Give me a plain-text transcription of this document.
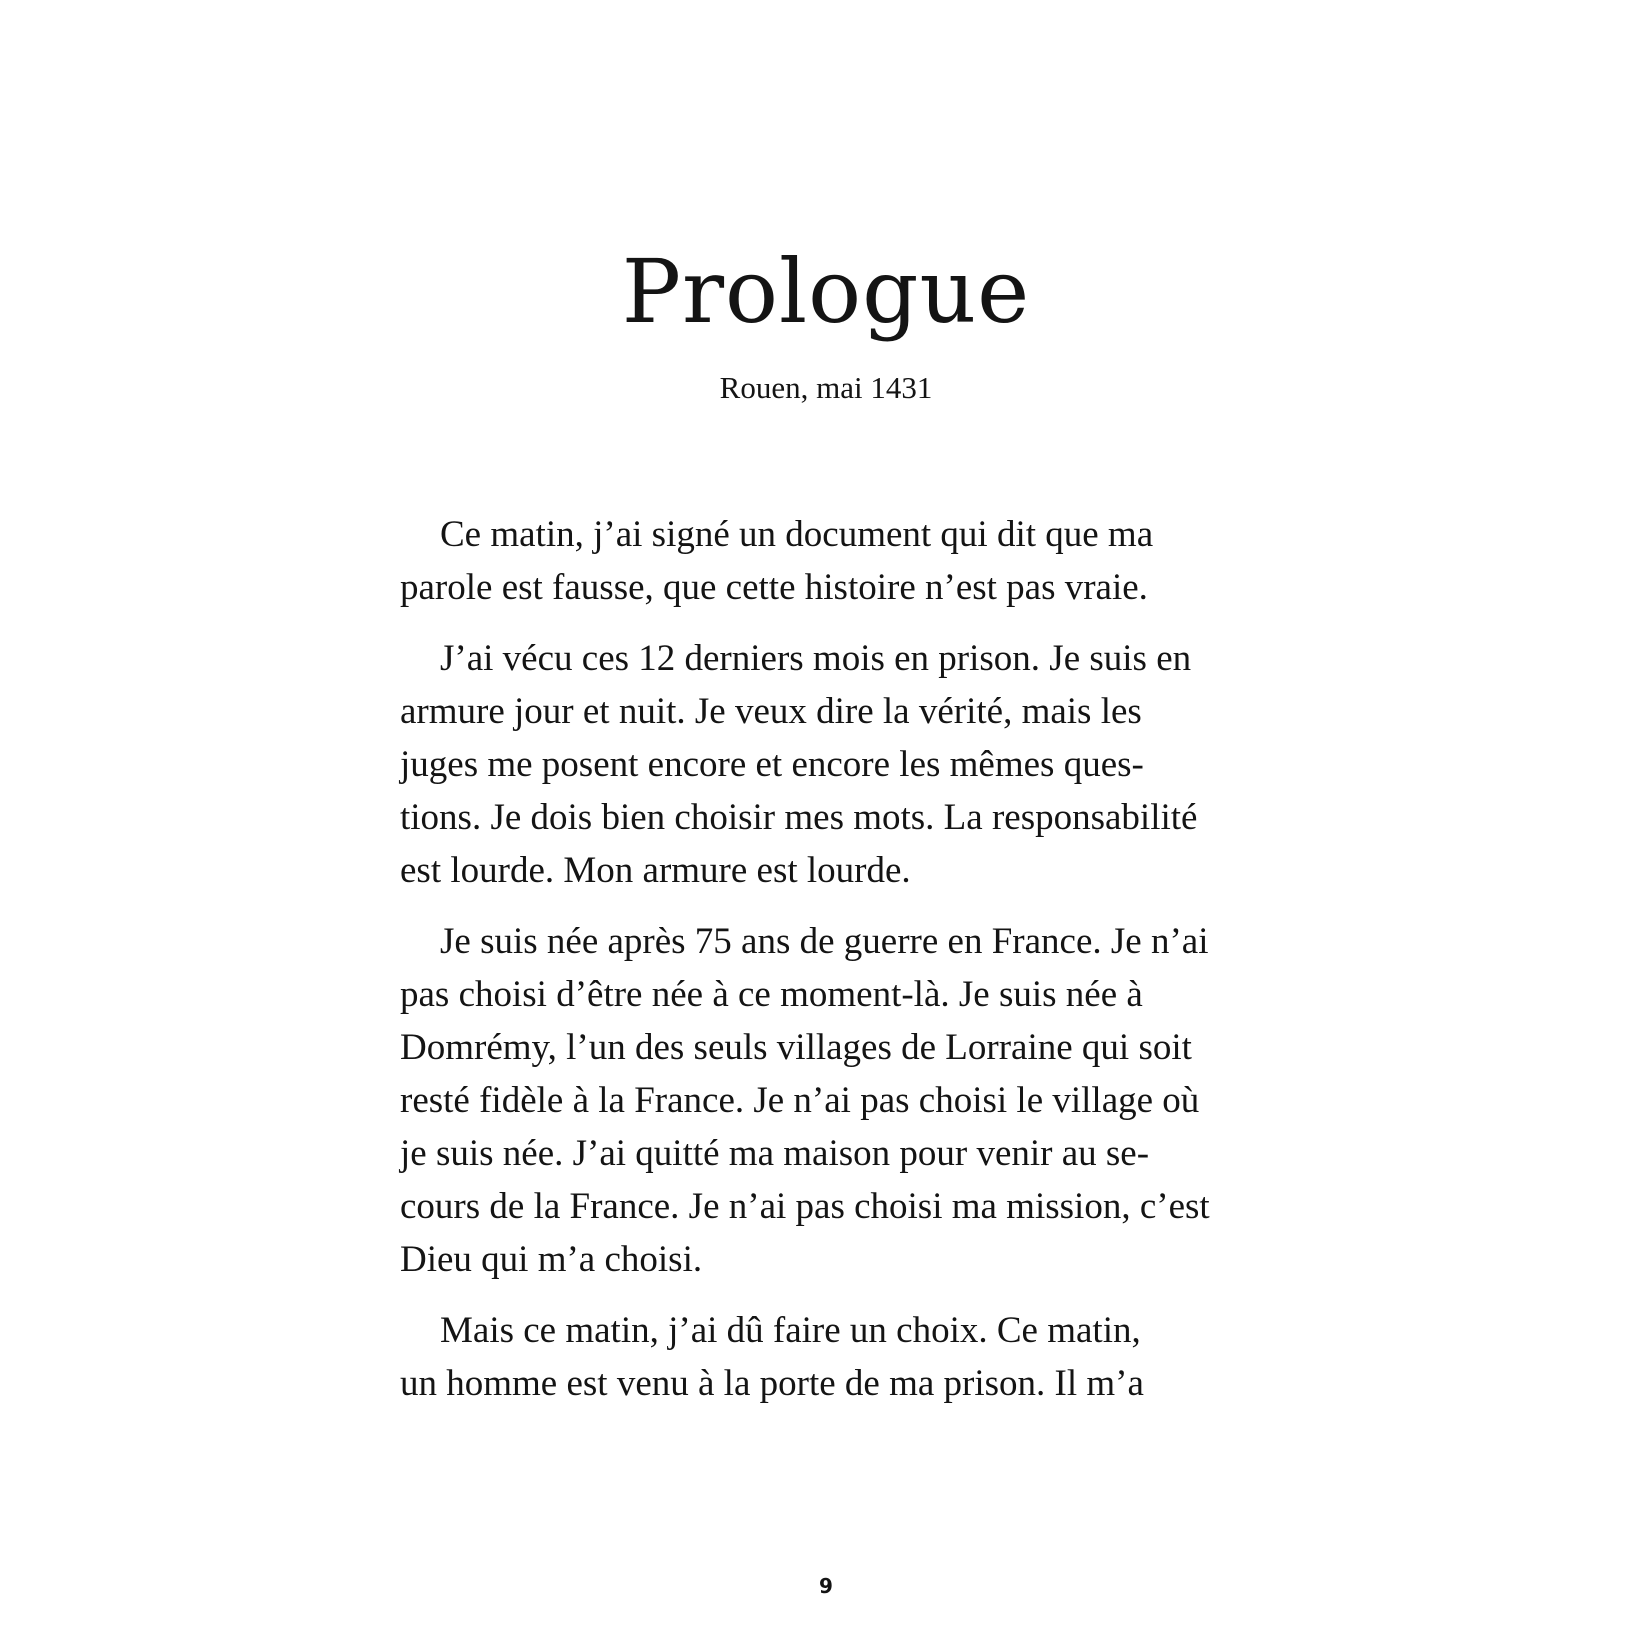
Prologue
Rouen, mai 1431

Ce matin, j’ai signé un document qui dit que ma
parole est fausse, que cette histoire n’est pas vraie.

J’ai vécu ces 12 derniers mois en prison. Je suis en
armure jour et nuit. Je veux dire la vérité, mais les
juges me posent encore et encore les mêmes ques-
tions. Je dois bien choisir mes mots. La responsabilité
est lourde. Mon armure est lourde.

Je suis née après 75 ans de guerre en France. Je n’ai
pas choisi d’être née à ce moment-là. Je suis née à
Domrémy, l’un des seuls villages de Lorraine qui soit
resté fidèle à la France. Je n’ai pas choisi le village où
je suis née. J’ai quitté ma maison pour venir au se-
cours de la France. Je n’ai pas choisi ma mission, c’est
Dieu qui m’a choisi.

Mais ce matin, j’ai dû faire un choix. Ce matin,
un homme est venu à la porte de ma prison. Il m’a

9
